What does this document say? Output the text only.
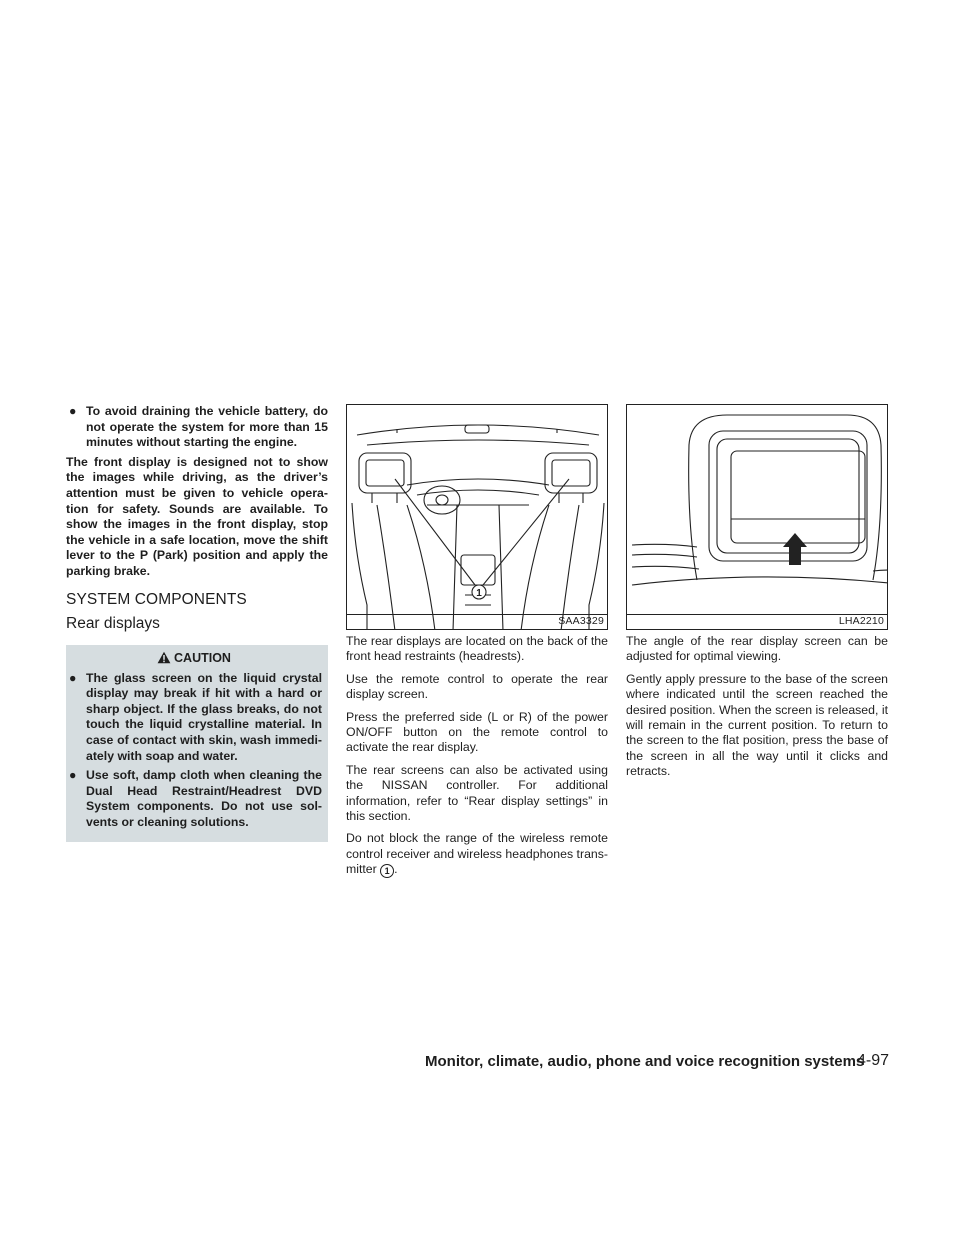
● To avoid draining the vehicle battery, do not operate the system for more than 15 minutes without starting the engine.

The front display is designed not to show the images while driving, as the driver’s attention must be given to vehicle opera- tion for safety. Sounds are available. To show the images in the front display, stop the vehicle in a safe location, move the shift lever to the P (Park) position and apply the parking brake.

SYSTEM COMPONENTS
Rear displays
CAUTION
● The glass screen on the liquid crystal display may break if hit with a hard or sharp object. If the glass breaks, do not touch the liquid crystalline material. In case of contact with skin, wash immedi- ately with soap and water.
● Use soft, damp cloth when cleaning the Dual Head Restraint/Headrest DVD System components. Do not use sol- vents or cleaning solutions.
1
SAA3329

The rear displays are located on the back of the front head restraints (headrests).

Use the remote control to operate the rear display screen.

Press the preferred side (L or R) of the power ON/OFF button on the remote control to activate the rear display.

The rear screens can also be activated using the NISSAN controller. For additional information, refer to “Rear display settings” in this section.

Do not block the range of the wireless remote control receiver and wireless headphones trans- mitter 1 .

LHA2210

The angle of the rear display screen can be adjusted for optimal viewing.

Gently apply pressure to the base of the screen where indicated until the screen reached the desired position. When the screen is released, it will remain in the current position. To return to the screen to the flat position, press the base of the screen in all the way until it clicks and retracts.

Monitor, climate, audio, phone and voice recognition systems
4-97
